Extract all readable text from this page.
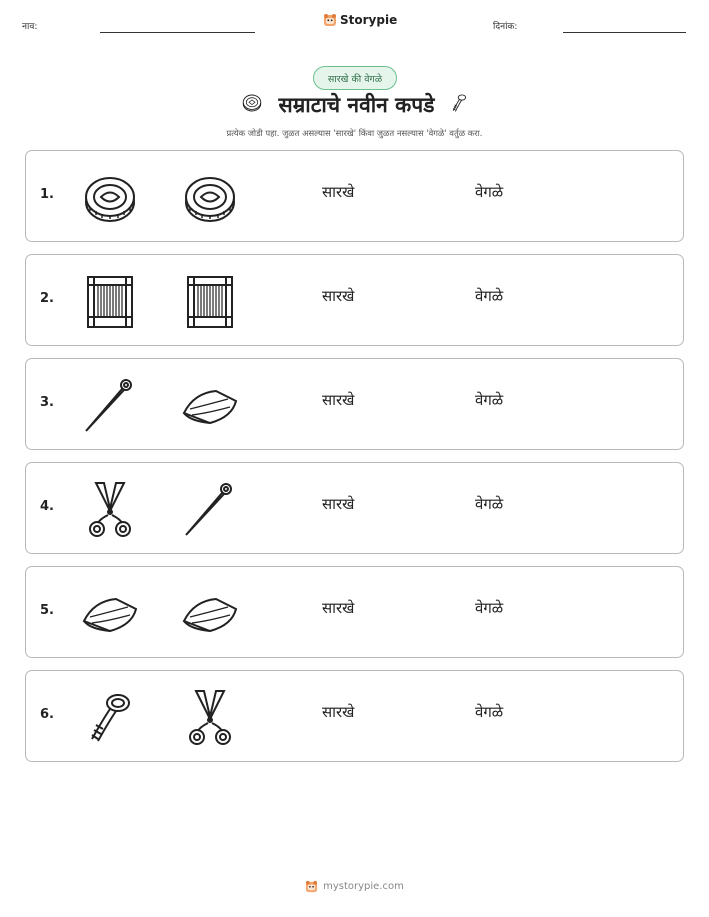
नाव:	Storypie	दिनांक:
सारखे की वेगळे
सम्राटाचे नवीन कपडे
प्रत्येक जोडी पहा. जुळत असल्यास 'सारखे' किंवा जुळत नसल्यास 'वेगळे' वर्तुळ करा.
1.	सारखे	वेगळे
2.	सारखे	वेगळे
3.	सारखे	वेगळे
4.	सारखे	वेगळे
5.	सारखे	वेगळे
6.	सारखे	वेगळे
mystorypie.com
